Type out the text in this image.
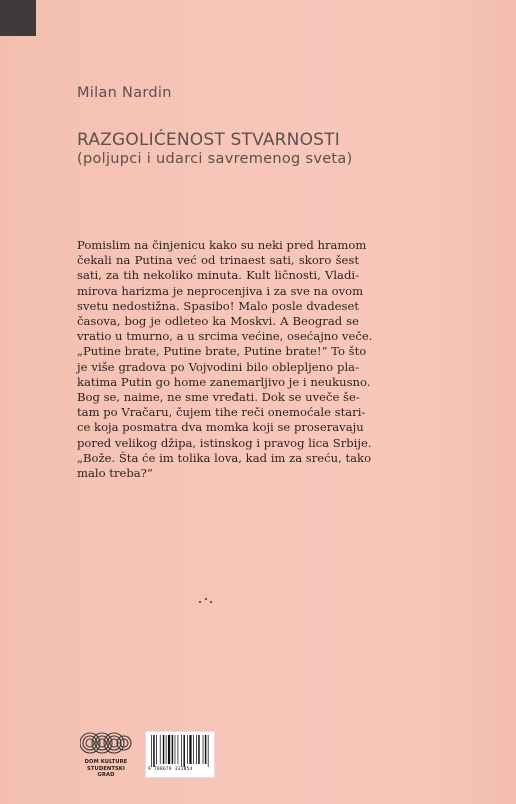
Milan Nardin
RAZGOLIĆENOST STVARNOSTI
(poljupci i udarci savremenog sveta)
Pomislim na činjenicu kako su neki pred hramom
čekali na Putina već od trinaest sati, skoro šest
sati, za tih nekoliko minuta. Kult ličnosti, Vladi-
mirova harizma je neprocenjiva i za sve na ovom
svetu nedostižna. Spasibo! Malo posle dvadeset
časova, bog je odleteo ka Moskvi. A Beograd se
vratio u tmurno, a u srcima većine, osećajno veče.
„Putine brate, Putine brate, Putine brate!“ To što
je više gradova po Vojvodini bilo oblepljeno pla-
katima Putin go home zanemarljivo je i neukusno.
Bog se, naime, ne sme vređati. Dok se uveče še-
tam po Vračaru, čujem tihe reči onemoćale stari-
ce koja posmatra dva momka koji se proseravaju
pored velikog džipa, istinskog i pravog lica Srbije.
„Bože. Šta će im tolika lova, kad im za sreću, tako
malo treba?“
DOM KULTURE
STUDENTSKI GRAD
9 788679 331854
